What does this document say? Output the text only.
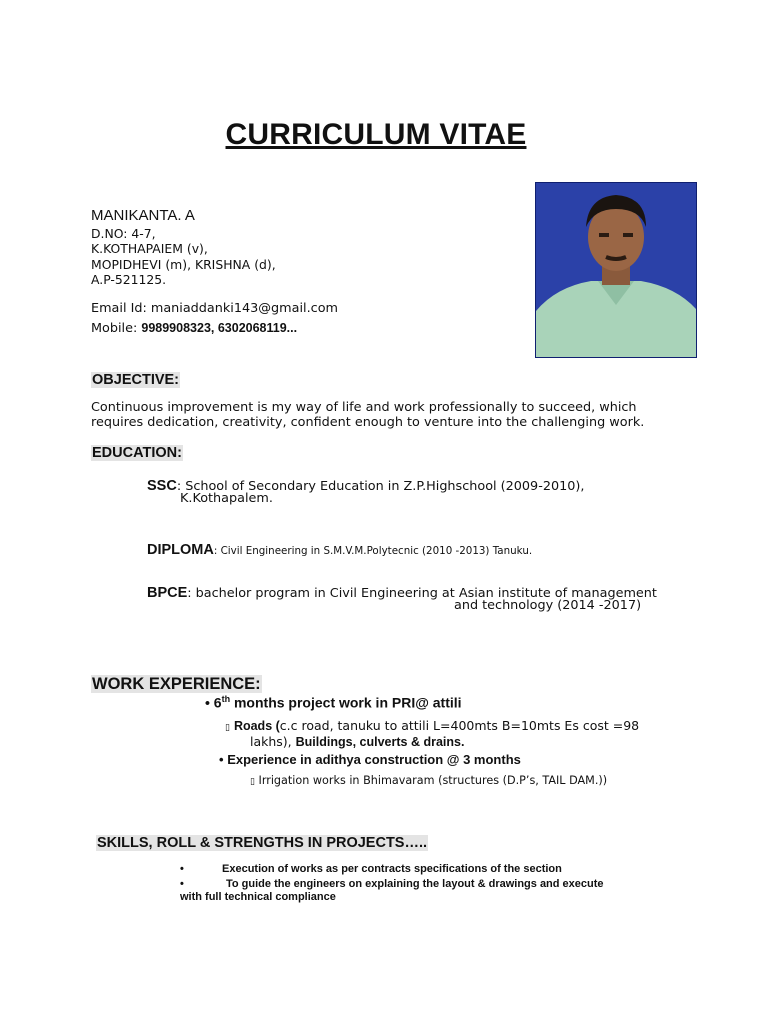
CURRICULUM VITAE
MANIKANTA. A
D.NO: 4-7,
K.KOTHAPAIEM (v),
MOPIDHEVI (m), KRISHNA (d),
A.P-521125.
Email Id: maniaddanki143@gmail.com
Mobile: 9989908323, 6302068119...
OBJECTIVE:
Continuous improvement is my way of life and work professionally to succeed, which
requires dedication, creativity, confident enough to venture into the challenging work.
EDUCATION:
SSC: School of Secondary Education in Z.P.Highschool (2009-2010),
K.Kothapalem.
DIPLOMA: Civil Engineering in S.M.V.M.Polytecnic (2010 -2013) Tanuku.
BPCE: bachelor program in Civil Engineering at Asian institute of management
and technology (2014 -2017)
WORK EXPERIENCE:
• 6th months project work in PRI@ attili
▯ Roads (c.c road, tanuku to attili L=400mts B=10mts Es cost =98
lakhs), Buildings, culverts & drains.
• Experience in adithya construction @ 3 months
▯ Irrigation works in Bhimavaram (structures (D.P’s, TAIL DAM.))
SKILLS, ROLL & STRENGTHS IN PROJECTS…..
•	Execution of works as per contracts specifications of the section
•	To guide the engineers on explaining the layout & drawings and execute
with full technical compliance
